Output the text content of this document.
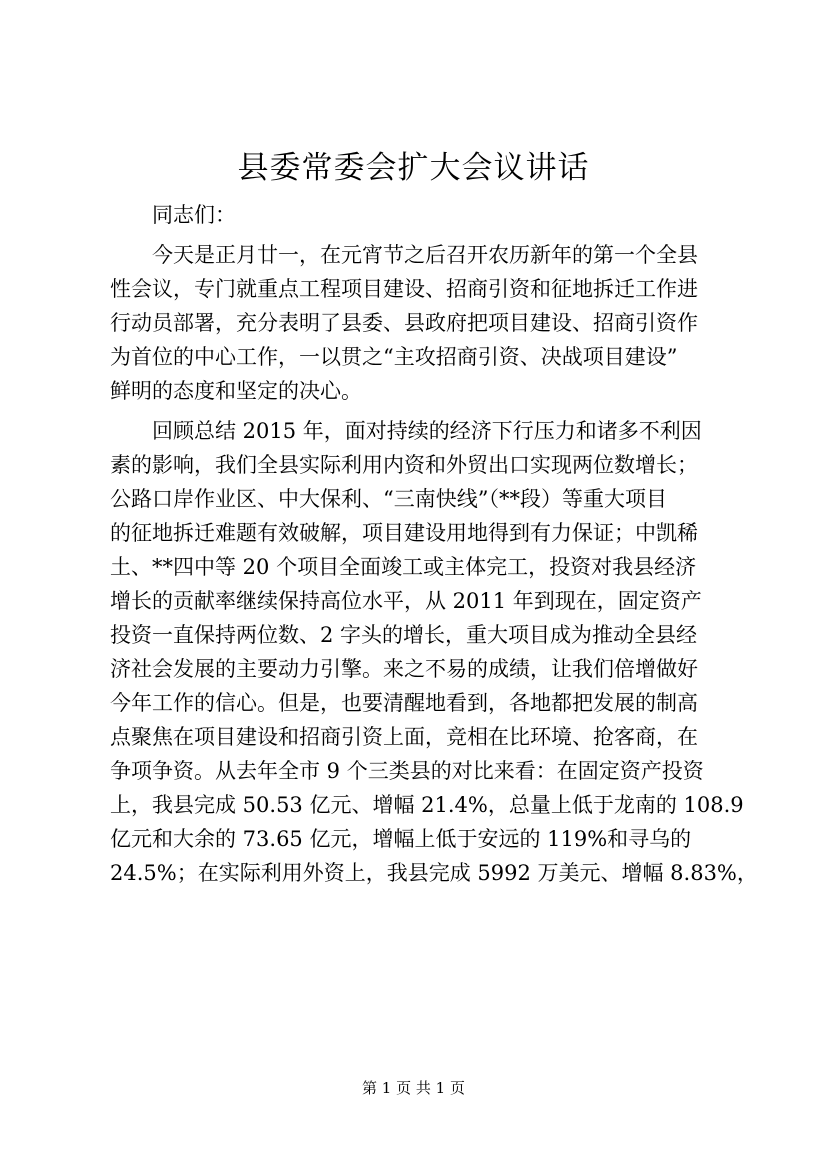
县委常委会扩大会议讲话
同志们：
今天是正月廿一，在元宵节之后召开农历新年的第一个全县
性会议，专门就重点工程项目建设、招商引资和征地拆迁工作进
行动员部署，充分表明了县委、县政府把项目建设、招商引资作
为首位的中心工作，一以贯之“主攻招商引资、决战项目建设”
鲜明的态度和坚定的决心。
回顾总结 2015 年，面对持续的经济下行压力和诸多不利因
素的影响，我们全县实际利用内资和外贸出口实现两位数增长；
公路口岸作业区、中大保利、“三南快线”（**段）等重大项目
的征地拆迁难题有效破解，项目建设用地得到有力保证；中凯稀
土、**四中等 20 个项目全面竣工或主体完工，投资对我县经济
增长的贡献率继续保持高位水平，从 2011 年到现在，固定资产
投资一直保持两位数、2 字头的增长，重大项目成为推动全县经
济社会发展的主要动力引擎。来之不易的成绩，让我们倍增做好
今年工作的信心。但是，也要清醒地看到，各地都把发展的制高
点聚焦在项目建设和招商引资上面，竞相在比环境、抢客商，在
争项争资。从去年全市 9 个三类县的对比来看：在固定资产投资
上，我县完成 50.53 亿元、增幅 21.4%，总量上低于龙南的 108.9
亿元和大余的 73.65 亿元，增幅上低于安远的 119%和寻乌的
24.5%；在实际利用外资上，我县完成 5992 万美元、增幅 8.83%，
第 1 页 共 1 页
